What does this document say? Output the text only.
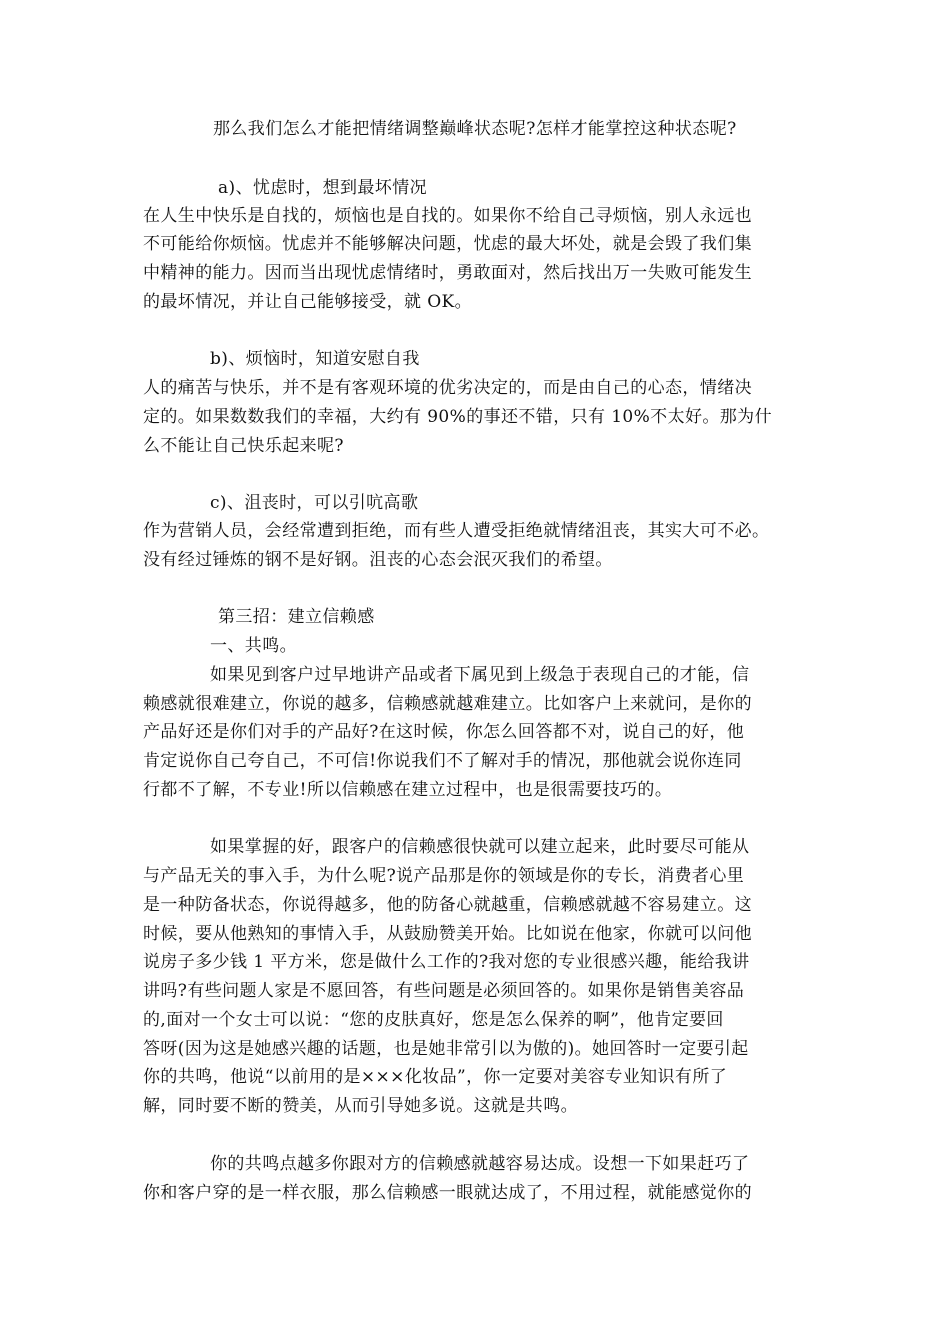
那么我们怎么才能把情绪调整巅峰状态呢?怎样才能掌控这种状态呢?
a)、忧虑时，想到最坏情况
在人生中快乐是自找的，烦恼也是自找的。如果你不给自己寻烦恼，别人永远也
不可能给你烦恼。忧虑并不能够解决问题，忧虑的最大坏处，就是会毁了我们集
中精神的能力。因而当出现忧虑情绪时，勇敢面对，然后找出万一失败可能发生
的最坏情况，并让自己能够接受，就 OK。
b)、烦恼时，知道安慰自我
人的痛苦与快乐，并不是有客观环境的优劣决定的，而是由自己的心态，情绪决
定的。如果数数我们的幸福，大约有 90%的事还不错，只有 10%不太好。那为什
么不能让自己快乐起来呢?
c)、沮丧时，可以引吭高歌
作为营销人员，会经常遭到拒绝，而有些人遭受拒绝就情绪沮丧，其实大可不必。
没有经过锤炼的钢不是好钢。沮丧的心态会泯灭我们的希望。
第三招：建立信赖感
一、共鸣。
如果见到客户过早地讲产品或者下属见到上级急于表现自己的才能，信
赖感就很难建立，你说的越多，信赖感就越难建立。比如客户上来就问，是你的
产品好还是你们对手的产品好?在这时候，你怎么回答都不对，说自己的好，他
肯定说你自己夸自己，不可信!你说我们不了解对手的情况，那他就会说你连同
行都不了解，不专业!所以信赖感在建立过程中，也是很需要技巧的。
如果掌握的好，跟客户的信赖感很快就可以建立起来，此时要尽可能从
与产品无关的事入手，为什么呢?说产品那是你的领域是你的专长，消费者心里
是一种防备状态，你说得越多，他的防备心就越重，信赖感就越不容易建立。这
时候，要从他熟知的事情入手，从鼓励赞美开始。比如说在他家，你就可以问他
说房子多少钱 1 平方米，您是做什么工作的?我对您的专业很感兴趣，能给我讲
讲吗?有些问题人家是不愿回答，有些问题是必须回答的。如果你是销售美容品
的,面对一个女士可以说：“您的皮肤真好，您是怎么保养的啊”，他肯定要回
答呀(因为这是她感兴趣的话题，也是她非常引以为傲的)。她回答时一定要引起
你的共鸣，他说“以前用的是×××化妆品”，你一定要对美容专业知识有所了
解，同时要不断的赞美，从而引导她多说。这就是共鸣。
你的共鸣点越多你跟对方的信赖感就越容易达成。设想一下如果赶巧了
你和客户穿的是一样衣服，那么信赖感一眼就达成了，不用过程，就能感觉你的
